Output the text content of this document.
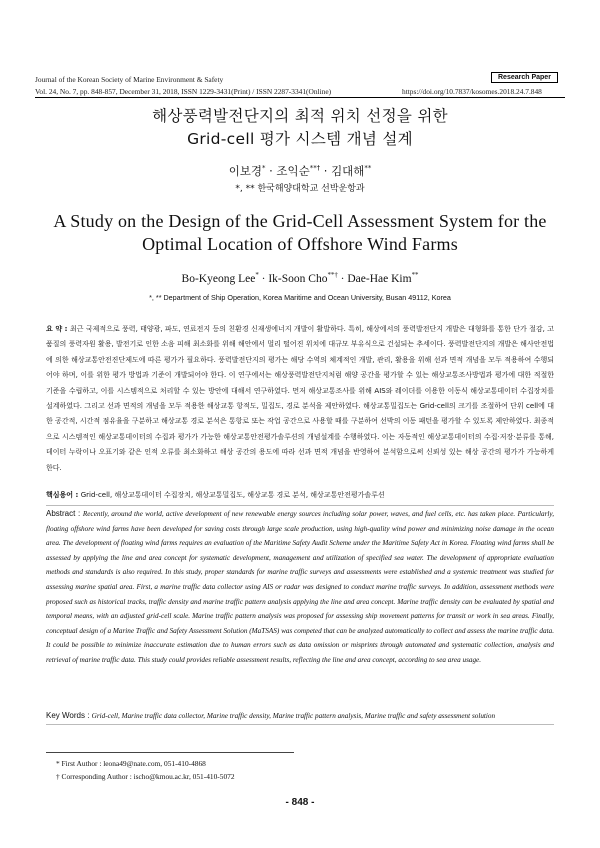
Journal of the Korean Society of Marine Environment & Safety	Research Paper
Vol. 24, No. 7, pp. 848-857, December 31, 2018, ISSN 1229-3431(Print) / ISSN 2287-3341(Online)	https://doi.org/10.7837/kosomes.2018.24.7.848
해상풍력발전단지의 최적 위치 선정을 위한
Grid-cell 평가 시스템 개념 설계
이보경* · 조익순**† · 김대해**
*, ** 한국해양대학교 선박운항과
A Study on the Design of the Grid-Cell Assessment System for the
Optimal Location of Offshore Wind Farms
Bo-Kyeong Lee* · Ik-Soon Cho**† · Dae-Hae Kim**
*, ** Department of Ship Operation, Korea Maritime and Ocean University, Busan 49112, Korea
요 약 : 최근 국제적으로 풍력, 태양광, 파도, 연료전지 등의 친환경 신재생에너지 개발이 활발하다. 특히, 해상에서의 풍력발전단지 개발은 대형화를 통한 단가 절감, 고품질의 풍력자원 활용, 발전기로 인한 소음 피해 최소화를 위해 해안에서 멀리 떨어진 위치에 대규모 부유식으로 건설되는 추세이다. 풍력발전단지의 개발은 해사안전법에 의한 해상교통안전진단제도에 따른 평가가 필요하다. 풍력발전단지의 평가는 해당 수역의 체계적인 개발, 관리, 활용을 위해 선과 면적 개념을 모두 적용하여 수행되어야 하며, 이를 위한 평가 방법과 기준이 개발되어야 한다. 이 연구에서는 해상풍력발전단지처럼 해양 공간을 평가할 수 있는 해상교통조사방법과 평가에 대한 적절한 기준을 수립하고, 이를 시스템적으로 처리할 수 있는 방안에 대해서 연구하였다. 먼저 해상교통조사를 위해 AIS와 레이더를 이용한 이동식 해상교통데이터 수집장치를 설계하였다. 그리고 선과 면적의 개념을 모두 적용한 해상교통 항적도, 밀집도, 경로 분석을 제안하였다. 해상교통밀집도는 Grid-cell의 크기를 조절하여 단위 cell에 대한 공간적, 시간적 점유율을 구분하고 해상교통 경로 분석은 통항로 또는 작업 공간으로 사용할 때를 구분하여 선박의 이동 패턴을 평가할 수 있도록 제안하였다. 최종적으로 시스템적인 해상교통데이터의 수집과 평가가 가능한 해상교통안전평가솔루션의 개념설계를 수행하였다. 이는 자동적인 해상교통데이터의 수집·저장·분류를 통해, 데이터 누락이나 오표기와 같은 인적 오류를 최소화하고 해상 공간의 용도에 따라 선과 면적 개념을 반영하여 분석함으로써 신뢰성 있는 해상 공간의 평가가 가능하게 한다.
핵심용어 : Grid-cell, 해상교통데이터 수집장치, 해상교통밀집도, 해상교통 경로 분석, 해상교통안전평가솔루션
Abstract : Recently, around the world, active development of new renewable energy sources including solar power, waves, and fuel cells, etc. has taken place. Particularly, floating offshore wind farms have been developed for saving costs through large scale production, using high-quality wind power and minimizing noise damage in the ocean area. The development of floating wind farms requires an evaluation of the Maritime Safety Audit Scheme under the Maritime Safety Act in Korea. Floating wind farms shall be assessed by applying the line and area concept for systematic development, management and utilization of specified sea water. The development of appropriate evaluation methods and standards is also required. In this study, proper standards for marine traffic surveys and assessments were established and a systemic treatment was studied for assessing marine spatial area. First, a marine traffic data collector using AIS or radar was designed to conduct marine traffic surveys. In addition, assessment methods were proposed such as historical tracks, traffic density and marine traffic pattern analysis applying the line and area concept. Marine traffic density can be evaluated by spatial and temporal means, with an adjusted grid-cell scale. Marine traffic pattern analysis was proposed for assessing ship movement patterns for transit or work in sea areas. Finally, conceptual design of a Marine Traffic and Safety Assessment Solution (MaTSAS) was competed that can be analyzed automatically to collect and assess the marine traffic data. It could be possible to minimize inaccurate estimation due to human errors such as data omission or misprints through automated and systematic collection, analysis and retrieval of marine traffic data. This study could provides reliable assessment results, reflecting the line and area concept, according to sea area usage.
Key Words : Grid-cell, Marine traffic data collector, Marine traffic density, Marine traffic pattern analysis, Marine traffic and safety assessment solution
* First Author : leona49@nate.com, 051-410-4868
† Corresponding Author : ischo@kmou.ac.kr, 051-410-5072
- 848 -
